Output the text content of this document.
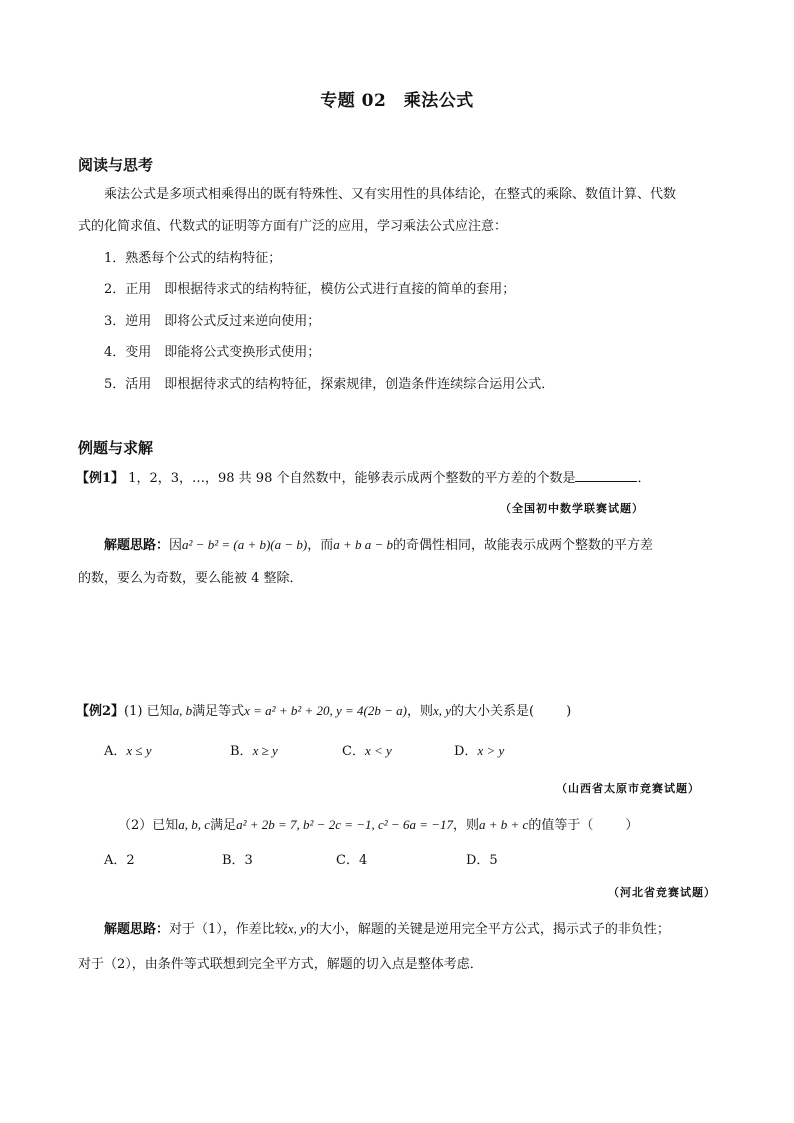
专题 02　乘法公式
阅读与思考
乘法公式是多项式相乘得出的既有特殊性、又有实用性的具体结论，在整式的乘除、数值计算、代数
式的化简求值、代数式的证明等方面有广泛的应用，学习乘法公式应注意：
1．熟悉每个公式的结构特征；
2．正用　即根据待求式的结构特征，模仿公式进行直接的简单的套用；
3．逆用　即将公式反过来逆向使用；
4．变用　即能将公式变换形式使用；
5．活用　即根据待求式的结构特征，探索规律，创造条件连续综合运用公式．
例题与求解
【例1】 1，2，3，…，98 共 98 个自然数中，能够表示成两个整数的平方差的个数是	．
（全国初中数学联赛试题）
解题思路：因a² − b² = (a + b)(a − b)，而a + b a − b的奇偶性相同，故能表示成两个整数的平方差
的数，要么为奇数，要么能被 4 整除．
【例2】(1) 已知a, b满足等式x = a² + b² + 20, y = 4(2b − a)，则x, y的大小关系是( )
A．x ≤ y	B．x ≥ y	C．x < y	D．x > y
（山西省太原市竞赛试题）
（2）已知a, b, c满足a² + 2b = 7, b² − 2c = −1, c² − 6a = −17，则a + b + c的值等于（ ）
A．2	B．3	C．4	D．5
（河北省竞赛试题）
解题思路：对于（1），作差比较x, y的大小，解题的关键是逆用完全平方公式，揭示式子的非负性；
对于（2），由条件等式联想到完全平方式，解题的切入点是整体考虑．
